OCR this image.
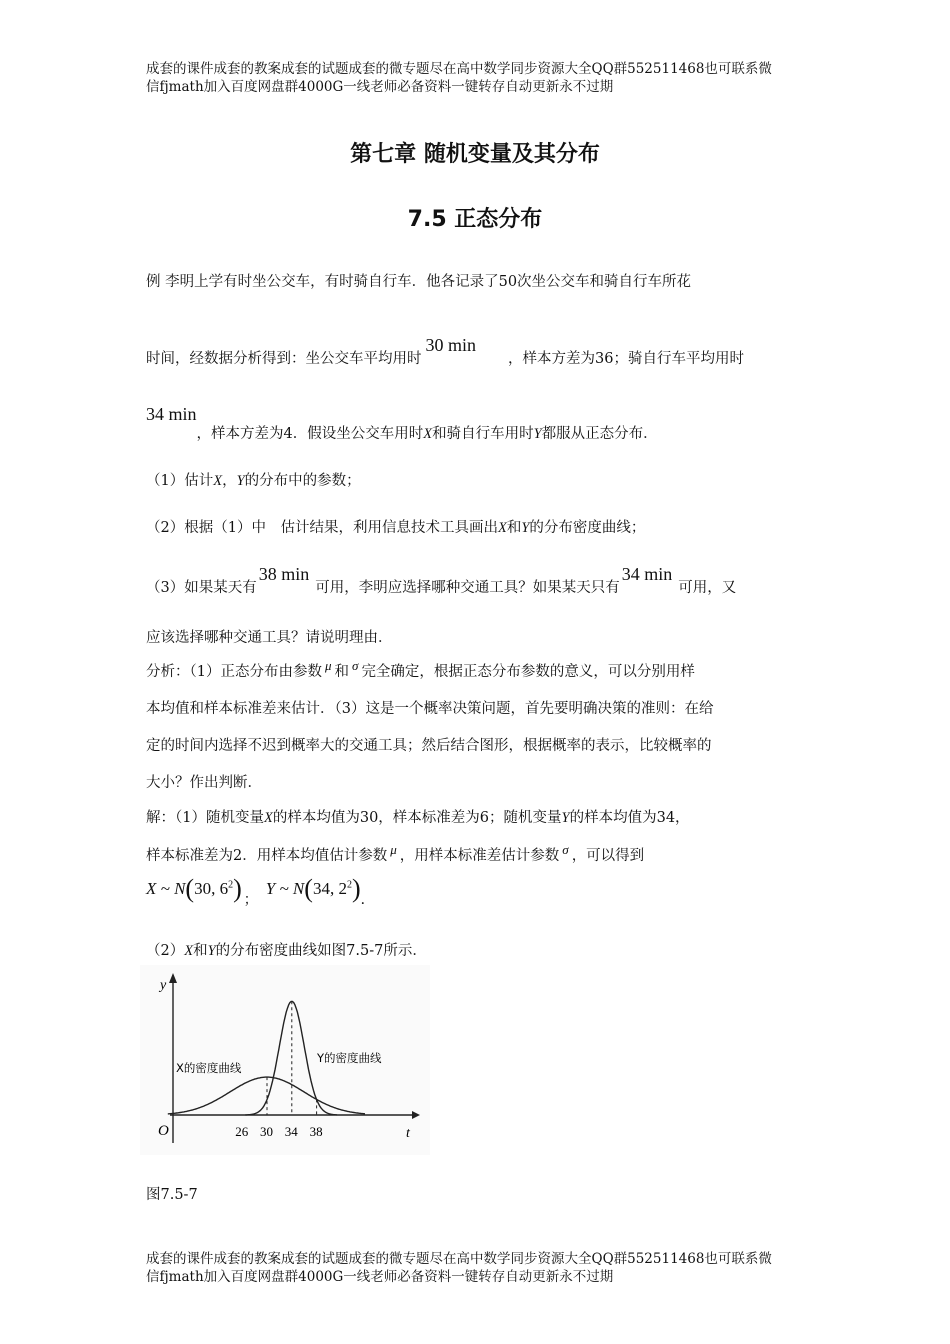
成套的课件成套的教案成套的试题成套的微专题尽在高中数学同步资源大全QQ群552511468也可联系微
信fjmath加入百度网盘群4000G一线老师必备资料一键转存自动更新永不过期
第七章 随机变量及其分布
7.5 正态分布
例 李明上学有时坐公交车，有时骑自行车．他各记录了50次坐公交车和骑自行车所花
时间，经数据分析得到：坐公交车平均用时30 min，样本方差为36；骑自行车平均用时
34 min，样本方差为4．假设坐公交车用时X和骑自行车用时Y都服从正态分布．
（1）估计X，Y的分布中的参数；
（2）根据（1）中　估计结果，利用信息技术工具画出X和Y的分布密度曲线；
（3）如果某天有38 min可用，李明应选择哪种交通工具？如果某天只有34 min可用，又
应该选择哪种交通工具？请说明理由．
分析：（1）正态分布由参数 μ 和 σ 完全确定，根据正态分布参数的意义，可以分别用样
本均值和样本标准差来估计．（3）这是一个概率决策问题，首先要明确决策的准则：在给
定的时间内选择不迟到概率大的交通工具；然后结合图形，根据概率的表示，比较概率的
大小？作出判断．
解：（1）随机变量X的样本均值为30，样本标准差为6；随机变量Y的样本均值为34，
样本标准差为2．用样本均值估计参数 μ ，用样本标准差估计参数 σ ，可以得到
X ~ N(30, $6^2$) $_;$Y ~ N(34, $2^2)_.$
（2）X和Y的分布密度曲线如图7.5-7所示．
y
t
O	26 30 34 38
X的密度曲线
Y的密度曲线
图7.5-7
成套的课件成套的教案成套的试题成套的微专题尽在高中数学同步资源大全QQ群552511468也可联系微
信fjmath加入百度网盘群4000G一线老师必备资料一键转存自动更新永不过期
